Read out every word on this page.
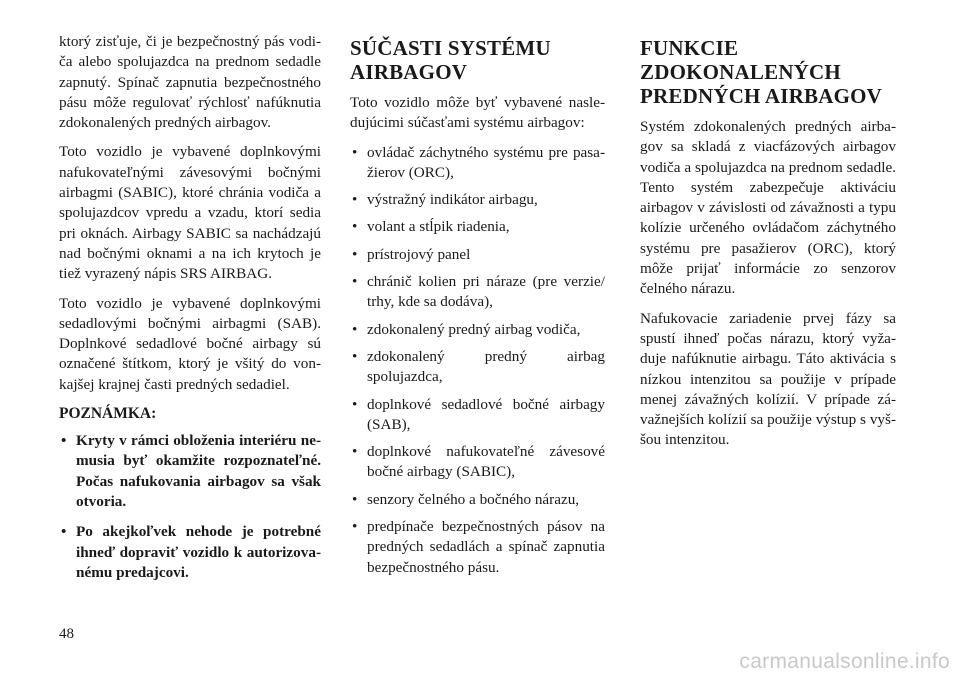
ktorý zisťuje, či je bezpečnostný pás vodiča alebo spolujazdca na prednom sedadle zapnutý. Spínač zapnutia bezpečnostného pásu môže regulovať rýchlosť nafúknutia zdokonalených predných airbagov.

Toto vozidlo je vybavené doplnkovými nafukovateľnými závesovými bočnými airbagmi (SABIC), ktoré chránia vodiča a spolujazdcov vpredu a vzadu, ktorí sedia pri oknách. Airbagy SABIC sa nachádzajú nad bočnými oknami a na ich krytoch je tiež vyrazený nápis SRS AIRBAG.

Toto vozidlo je vybavené doplnkovými sedadlovými bočnými airbagmi (SAB). Doplnkové sedadlové bočné airbagy sú označené štítkom, ktorý je všitý do vonkajšej krajnej časti predných sedadiel.

POZNÁMKA:
• Kryty v rámci obloženia interiéru nemusia byť okamžite rozpoznateľné. Počas nafukovania airbagov sa však otvoria.
• Po akejkoľvek nehode je potrebné ihneď dopraviť vozidlo k autorizovanému predajcovi.
SÚČASTI SYSTÉMU AIRBAGOV

Toto vozidlo môže byť vybavené nasledujúcimi súčasťami systému airbagov:

• ovládač záchytného systému pre pasažierov (ORC),
• výstražný indikátor airbagu,
• volant a stĺpik riadenia,
• prístrojový panel
• chránič kolien pri náraze (pre verzie/ trhy, kde sa dodáva),
• zdokonalený predný airbag vodiča,
• zdokonalený predný airbag spolujazdca,
• doplnkové sedadlové bočné airbagy (SAB),
• doplnkové nafukovateľné závesové bočné airbagy (SABIC),
• senzory čelného a bočného nárazu,
• predpínače bezpečnostných pásov na predných sedadlách a spínač zapnutia bezpečnostného pásu.
FUNKCIE ZDOKONALENÝCH PREDNÝCH AIRBAGOV

Systém zdokonalených predných airbagov sa skladá z viacfázových airbagov vodiča a spolujazdca na prednom sedadle. Tento systém zabezpečuje aktiváciu airbagov v závislosti od závažnosti a typu kolízie určeného ovládačom záchytného systému pre pasažierov (ORC), ktorý môže prijať informácie zo senzorov čelného nárazu.

Nafukovacie zariadenie prvej fázy sa spustí ihneď počas nárazu, ktorý vyžaduje nafúknutie airbagu. Táto aktivácia s nízkou intenzitou sa použije v prípade menej závažných kolízií. V prípade závažnejších kolízií sa použije výstup s vyššou intenzitou.

48
carmanualsonline.info
